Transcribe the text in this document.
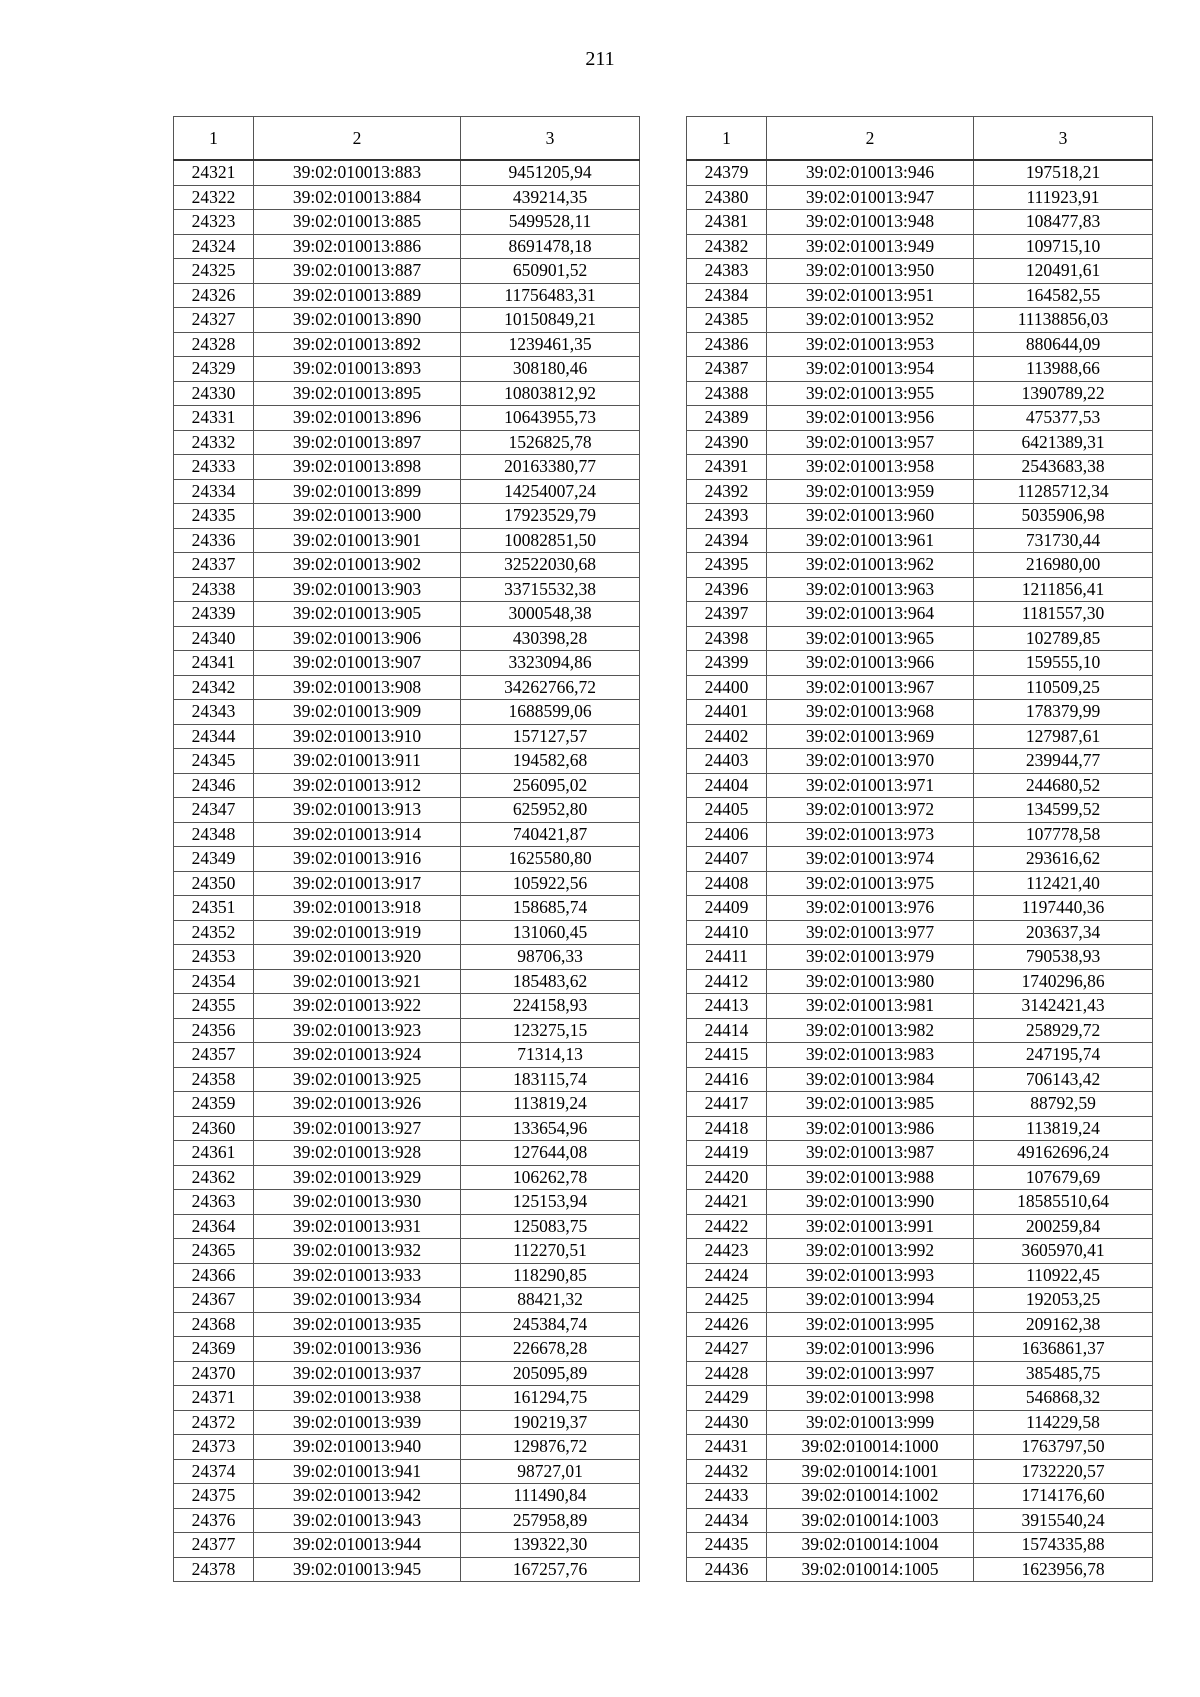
211
1	2	3
24321	39:02:010013:883	9451205,94
24322	39:02:010013:884	439214,35
24323	39:02:010013:885	5499528,11
24324	39:02:010013:886	8691478,18
24325	39:02:010013:887	650901,52
24326	39:02:010013:889	11756483,31
24327	39:02:010013:890	10150849,21
24328	39:02:010013:892	1239461,35
24329	39:02:010013:893	308180,46
24330	39:02:010013:895	10803812,92
24331	39:02:010013:896	10643955,73
24332	39:02:010013:897	1526825,78
24333	39:02:010013:898	20163380,77
24334	39:02:010013:899	14254007,24
24335	39:02:010013:900	17923529,79
24336	39:02:010013:901	10082851,50
24337	39:02:010013:902	32522030,68
24338	39:02:010013:903	33715532,38
24339	39:02:010013:905	3000548,38
24340	39:02:010013:906	430398,28
24341	39:02:010013:907	3323094,86
24342	39:02:010013:908	34262766,72
24343	39:02:010013:909	1688599,06
24344	39:02:010013:910	157127,57
24345	39:02:010013:911	194582,68
24346	39:02:010013:912	256095,02
24347	39:02:010013:913	625952,80
24348	39:02:010013:914	740421,87
24349	39:02:010013:916	1625580,80
24350	39:02:010013:917	105922,56
24351	39:02:010013:918	158685,74
24352	39:02:010013:919	131060,45
24353	39:02:010013:920	98706,33
24354	39:02:010013:921	185483,62
24355	39:02:010013:922	224158,93
24356	39:02:010013:923	123275,15
24357	39:02:010013:924	71314,13
24358	39:02:010013:925	183115,74
24359	39:02:010013:926	113819,24
24360	39:02:010013:927	133654,96
24361	39:02:010013:928	127644,08
24362	39:02:010013:929	106262,78
24363	39:02:010013:930	125153,94
24364	39:02:010013:931	125083,75
24365	39:02:010013:932	112270,51
24366	39:02:010013:933	118290,85
24367	39:02:010013:934	88421,32
24368	39:02:010013:935	245384,74
24369	39:02:010013:936	226678,28
24370	39:02:010013:937	205095,89
24371	39:02:010013:938	161294,75
24372	39:02:010013:939	190219,37
24373	39:02:010013:940	129876,72
24374	39:02:010013:941	98727,01
24375	39:02:010013:942	111490,84
24376	39:02:010013:943	257958,89
24377	39:02:010013:944	139322,30
24378	39:02:010013:945	167257,76
1	2	3
24379	39:02:010013:946	197518,21
24380	39:02:010013:947	111923,91
24381	39:02:010013:948	108477,83
24382	39:02:010013:949	109715,10
24383	39:02:010013:950	120491,61
24384	39:02:010013:951	164582,55
24385	39:02:010013:952	11138856,03
24386	39:02:010013:953	880644,09
24387	39:02:010013:954	113988,66
24388	39:02:010013:955	1390789,22
24389	39:02:010013:956	475377,53
24390	39:02:010013:957	6421389,31
24391	39:02:010013:958	2543683,38
24392	39:02:010013:959	11285712,34
24393	39:02:010013:960	5035906,98
24394	39:02:010013:961	731730,44
24395	39:02:010013:962	216980,00
24396	39:02:010013:963	1211856,41
24397	39:02:010013:964	1181557,30
24398	39:02:010013:965	102789,85
24399	39:02:010013:966	159555,10
24400	39:02:010013:967	110509,25
24401	39:02:010013:968	178379,99
24402	39:02:010013:969	127987,61
24403	39:02:010013:970	239944,77
24404	39:02:010013:971	244680,52
24405	39:02:010013:972	134599,52
24406	39:02:010013:973	107778,58
24407	39:02:010013:974	293616,62
24408	39:02:010013:975	112421,40
24409	39:02:010013:976	1197440,36
24410	39:02:010013:977	203637,34
24411	39:02:010013:979	790538,93
24412	39:02:010013:980	1740296,86
24413	39:02:010013:981	3142421,43
24414	39:02:010013:982	258929,72
24415	39:02:010013:983	247195,74
24416	39:02:010013:984	706143,42
24417	39:02:010013:985	88792,59
24418	39:02:010013:986	113819,24
24419	39:02:010013:987	49162696,24
24420	39:02:010013:988	107679,69
24421	39:02:010013:990	18585510,64
24422	39:02:010013:991	200259,84
24423	39:02:010013:992	3605970,41
24424	39:02:010013:993	110922,45
24425	39:02:010013:994	192053,25
24426	39:02:010013:995	209162,38
24427	39:02:010013:996	1636861,37
24428	39:02:010013:997	385485,75
24429	39:02:010013:998	546868,32
24430	39:02:010013:999	114229,58
24431	39:02:010014:1000	1763797,50
24432	39:02:010014:1001	1732220,57
24433	39:02:010014:1002	1714176,60
24434	39:02:010014:1003	3915540,24
24435	39:02:010014:1004	1574335,88
24436	39:02:010014:1005	1623956,78
